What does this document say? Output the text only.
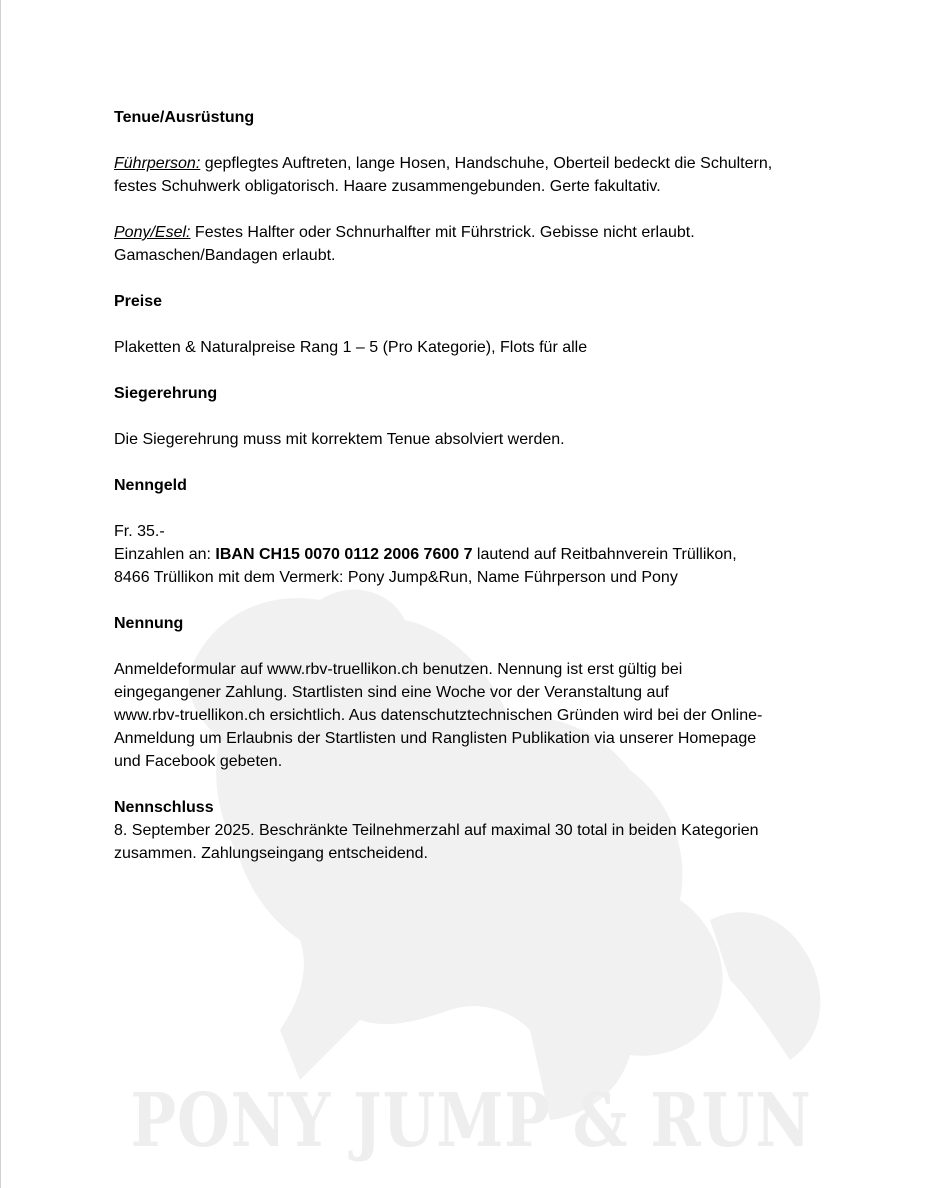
PONY JUMP & RUN

Tenue/Ausrüstung

Führperson: gepflegtes Auftreten, lange Hosen, Handschuhe, Oberteil bedeckt die Schultern,

festes Schuhwerk obligatorisch. Haare zusammengebunden. Gerte fakultativ.

Pony/Esel: Festes Halfter oder Schnurhalfter mit Führstrick. Gebisse nicht erlaubt.

Gamaschen/Bandagen erlaubt.

Preise

Plaketten & Naturalpreise Rang 1 – 5 (Pro Kategorie), Flots für alle

Siegerehrung

Die Siegerehrung muss mit korrektem Tenue absolviert werden.

Nenngeld

Fr. 35.-

Einzahlen an: IBAN CH15 0070 0112 2006 7600 7 lautend auf Reitbahnverein Trüllikon,

8466 Trüllikon mit dem Vermerk: Pony Jump&Run, Name Führperson und Pony

Nennung

Anmeldeformular auf www.rbv-truellikon.ch benutzen. Nennung ist erst gültig bei

eingegangener Zahlung. Startlisten sind eine Woche vor der Veranstaltung auf

www.rbv-truellikon.ch ersichtlich. Aus datenschutztechnischen Gründen wird bei der Online-

Anmeldung um Erlaubnis der Startlisten und Ranglisten Publikation via unserer Homepage

und Facebook gebeten.

Nennschluss

8. September 2025. Beschränkte Teilnehmerzahl auf maximal 30 total in beiden Kategorien

zusammen. Zahlungseingang entscheidend.
